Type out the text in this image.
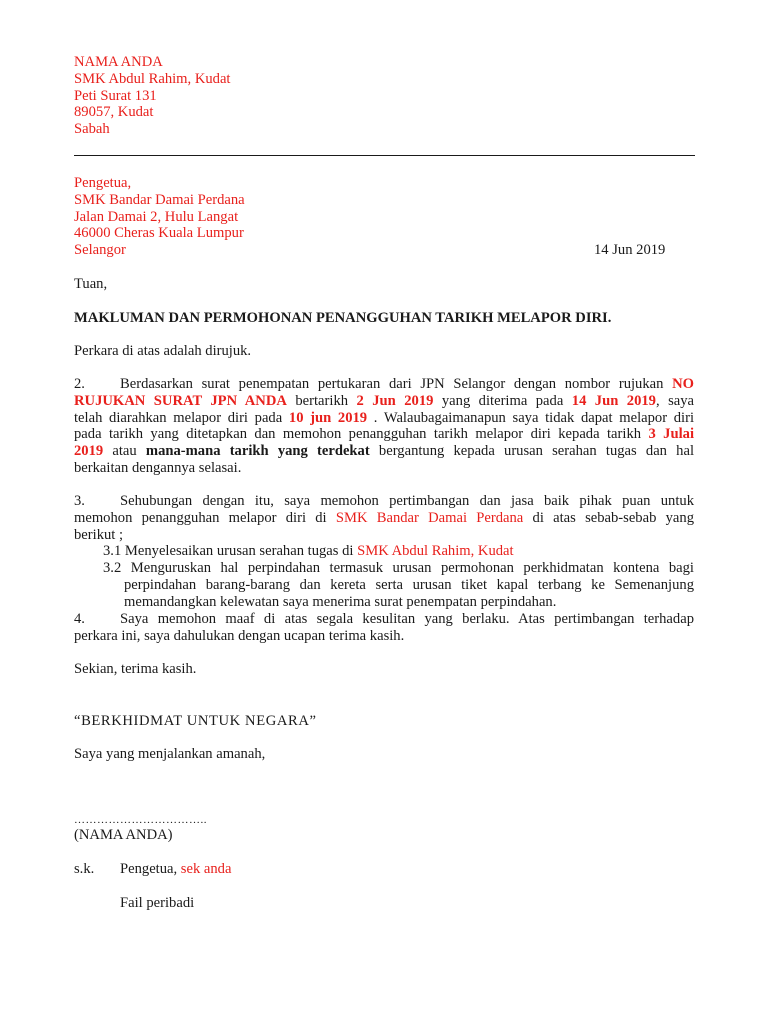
NAMA ANDA
SMK Abdul Rahim, Kudat
Peti Surat 131
89057, Kudat
Sabah
Pengetua,
SMK Bandar Damai Perdana
Jalan Damai 2, Hulu Langat
46000 Cheras Kuala Lumpur
Selangor	14 Jun 2019
Tuan,
MAKLUMAN DAN PERMOHONAN PENANGGUHAN TARIKH MELAPOR DIRI.
Perkara di atas adalah dirujuk.
2. Berdasarkan surat penempatan pertukaran dari JPN Selangor dengan nombor rujukan NO
RUJUKAN SURAT JPN ANDA bertarikh 2 Jun 2019 yang diterima pada 14 Jun 2019, saya
telah diarahkan melapor diri pada 10 jun 2019 . Walaubagaimanapun saya tidak dapat melapor diri
pada tarikh yang ditetapkan dan memohon penangguhan tarikh melapor diri kepada tarikh 3 Julai
2019 atau mana-mana tarikh yang terdekat bergantung kepada urusan serahan tugas dan hal
berkaitan dengannya selasai.
3. Sehubungan dengan itu, saya memohon pertimbangan dan jasa baik pihak puan untuk
memohon penangguhan melapor diri di SMK Bandar Damai Perdana di atas sebab-sebab yang
berikut ;
3.1 Menyelesaikan urusan serahan tugas di SMK Abdul Rahim, Kudat
3.2 Menguruskan hal perpindahan termasuk urusan permohonan perkhidmatan kontena bagi
perpindahan barang-barang dan kereta serta urusan tiket kapal terbang ke Semenanjung
memandangkan kelewatan saya menerima surat penempatan perpindahan.
4. Saya memohon maaf di atas segala kesulitan yang berlaku. Atas pertimbangan terhadap
perkara ini, saya dahulukan dengan ucapan terima kasih.
Sekian, terima kasih.
“BERKHIDMAT UNTUK NEGARA”
Saya yang menjalankan amanah,
……………………………..
(NAMA ANDA)
s.k. Pengetua, sek anda
Fail peribadi
